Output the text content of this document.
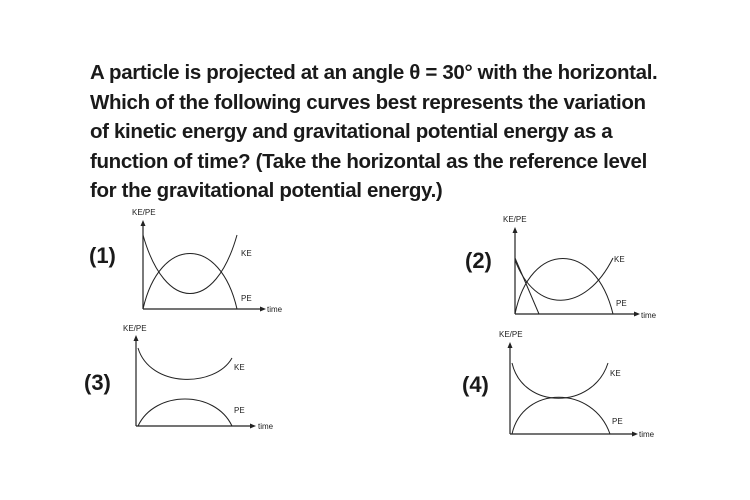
A particle is projected at an angle θ = 30° with the horizontal.
Which of the following curves best represents the variation
of kinetic energy and gravitational potential energy as a
function of time? (Take the horizontal as the reference level
for the gravitational potential energy.)
(1)
KE/PE
time
KE
PE
(2)
KE/PE
time
KE
PE
(3)
KE/PE
time
KE
PE
(4)
KE/PE
time
KE
PE
